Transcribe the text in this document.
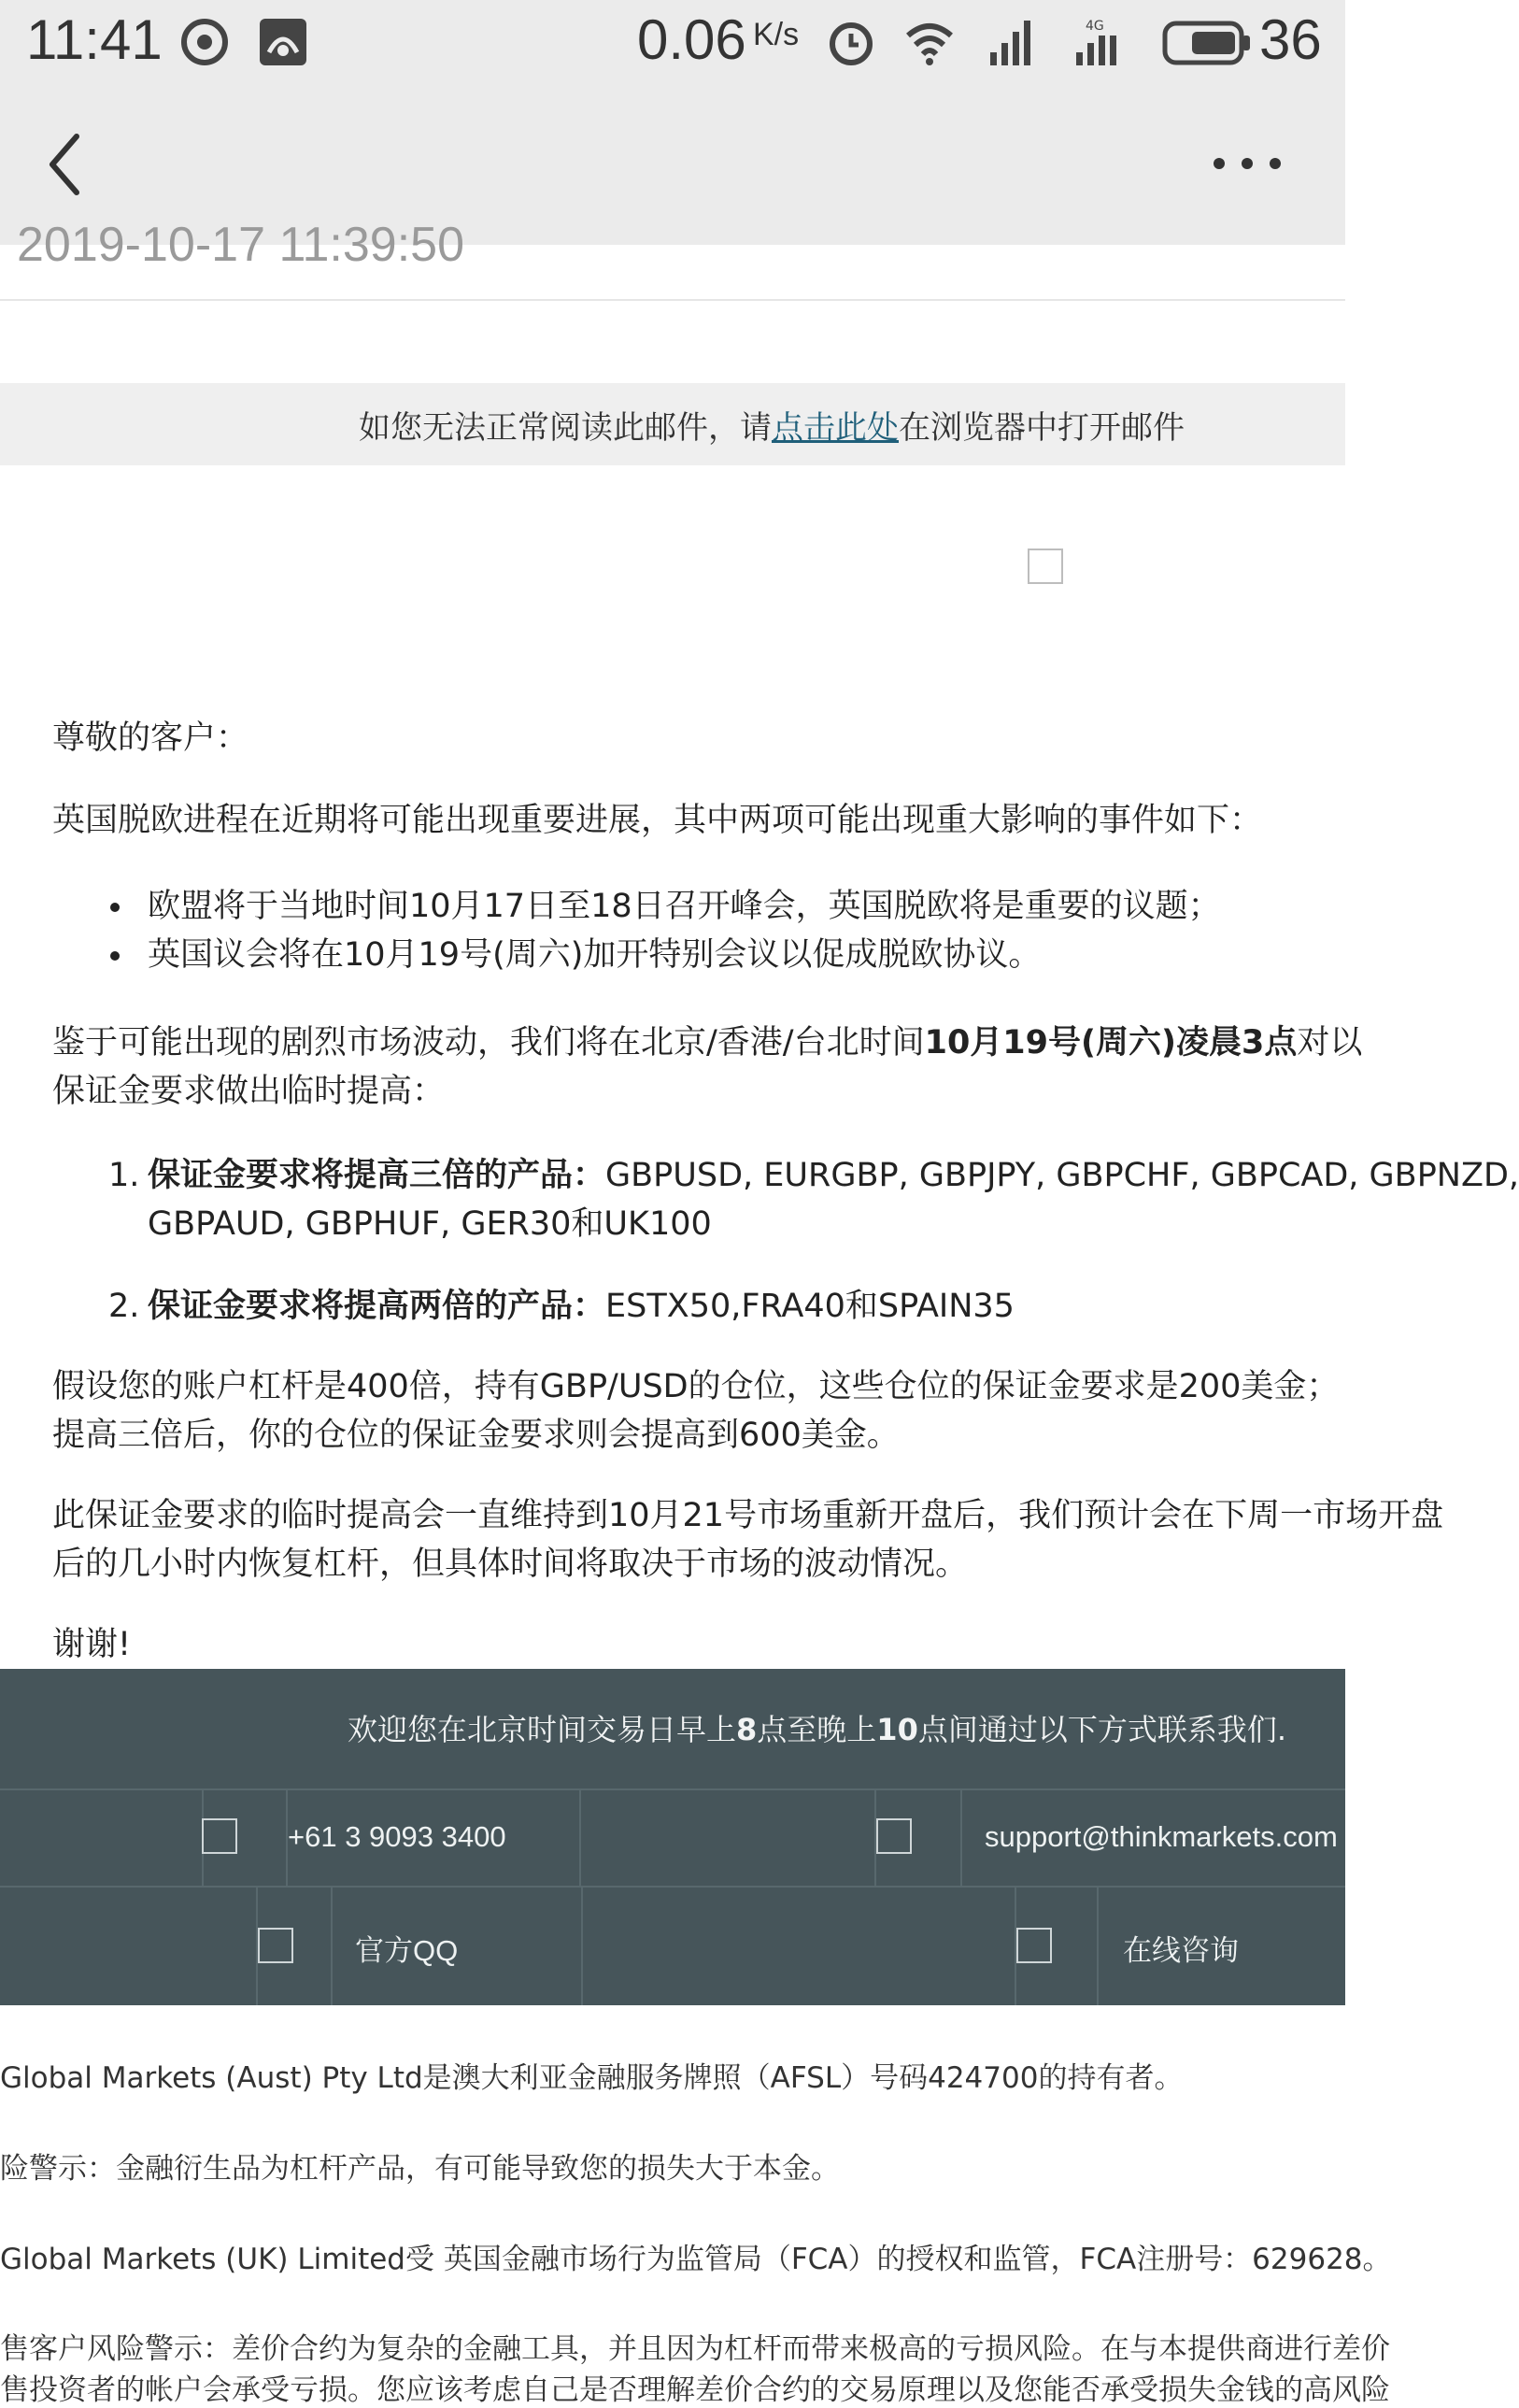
11:41	0.06 K/s	4G	36
2019-10-17 11:39:50
如您无法正常阅读此邮件，请点击此处在浏览器中打开邮件
尊敬的客户：
英国脱欧进程在近期将可能出现重要进展，其中两项可能出现重大影响的事件如下：
欧盟将于当地时间10月17日至18日召开峰会，英国脱欧将是重要的议题；
英国议会将在10月19号(周六)加开特别会议以促成脱欧协议。
鉴于可能出现的剧烈市场波动，我们将在北京/香港/台北时间10月19号(周六)凌晨3点对以
保证金要求做出临时提高：
1. 保证金要求将提高三倍的产品：GBPUSD, EURGBP, GBPJPY, GBPCHF, GBPCAD, GBPNZD,
GBPAUD, GBPHUF, GER30和UK100
2. 保证金要求将提高两倍的产品：ESTX50,FRA40和SPAIN35
假设您的账户杠杆是400倍，持有GBP/USD的仓位，这些仓位的保证金要求是200美金；
提高三倍后，你的仓位的保证金要求则会提高到600美金。
此保证金要求的临时提高会一直维持到10月21号市场重新开盘后，我们预计会在下周一市场开盘
后的几小时内恢复杠杆，但具体时间将取决于市场的波动情况。
谢谢!
欢迎您在北京时间交易日早上8点至晚上10点间通过以下方式联系我们.
+61 3 9093 3400	support@thinkmarkets.com
官方QQ	在线咨询
Global Markets (Aust) Pty Ltd是澳大利亚金融服务牌照（AFSL）号码424700的持有者。
险警示：金融衍生品为杠杆产品，有可能导致您的损失大于本金。
Global Markets (UK) Limited受 英国金融市场行为监管局（FCA）的授权和监管，FCA注册号：629628。
售客户风险警示：差价合约为复杂的金融工具，并且因为杠杆而带来极高的亏损风险。在与本提供商进行差价
售投资者的帐户会承受亏损。您应该考虑自己是否理解差价合约的交易原理以及您能否承受损失金钱的高风险
